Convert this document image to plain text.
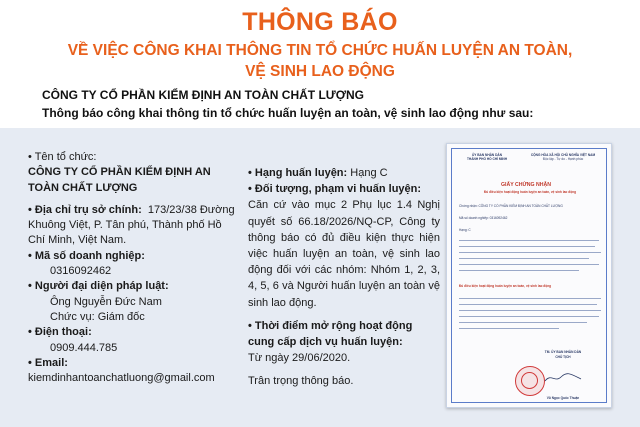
THÔNG BÁO
VỀ VIỆC CÔNG KHAI THÔNG TIN TỔ CHỨC HUẤN LUYỆN AN TOÀN,
VỆ SINH LAO ĐỘNG
CÔNG TY CỔ PHẦN KIỂM ĐỊNH AN TOÀN CHẤT LƯỢNG
Thông báo công khai thông tin tổ chức huấn luyện an toàn, vệ sinh lao động như sau:
• Tên tổ chức:
CÔNG TY CỔ PHẦN KIỂM ĐỊNH AN TOÀN CHẤT LƯỢNG
• Địa chỉ trụ sở chính: 173/23/38 Đường Khuông Việt, P. Tân phú, Thành phố Hồ Chí Minh, Việt Nam.
• Mã số doanh nghiệp:
0316092462
• Người đại diện pháp luật:
Ông Nguyễn Đức Nam
Chức vụ: Giám đốc
• Điện thoại:
0909.444.785
• Email:
kiemdinhantoanchatluong@gmail.com
• Hạng huấn luyện: Hạng C
• Đối tượng, phạm vi huấn luyện:
Căn cứ vào mục 2 Phụ lục 1.4 Nghị quyết số 66.18/2026/NQ-CP, Công ty thông báo có đủ điều kiện thực hiện việc huấn luyện an toàn, vệ sinh lao động đối với các nhóm: Nhóm 1, 2, 3, 4, 5, 6 và Người huấn luyện an toàn vệ sinh lao động.
• Thời điểm mở rộng hoạt động cung cấp dịch vụ huấn luyện:
Từ ngày 29/06/2020.
Trân trọng thông báo.
ỦY BAN NHÂN DÂN
THÀNH PHỐ HỒ CHÍ MINH
CỘNG HÒA XÃ HỘI CHỦ NGHĨA VIỆT NAM
Độc lập - Tự do - Hạnh phúc
GIẤY CHỨNG NHẬN
Đủ điều kiện hoạt động huấn luyện an toàn, vệ sinh lao động
Chứng nhận: CÔNG TY CỔ PHẦN KIỂM ĐỊNH AN TOÀN CHẤT LƯỢNG
Mã số doanh nghiệp: 0316092462
Hạng: C
Đủ điều kiện hoạt động huấn luyện an toàn, vệ sinh lao động
TM. ỦY BAN NHÂN DÂN
CHỦ TỊCH
Vũ Ngọc Quốc Thuận
